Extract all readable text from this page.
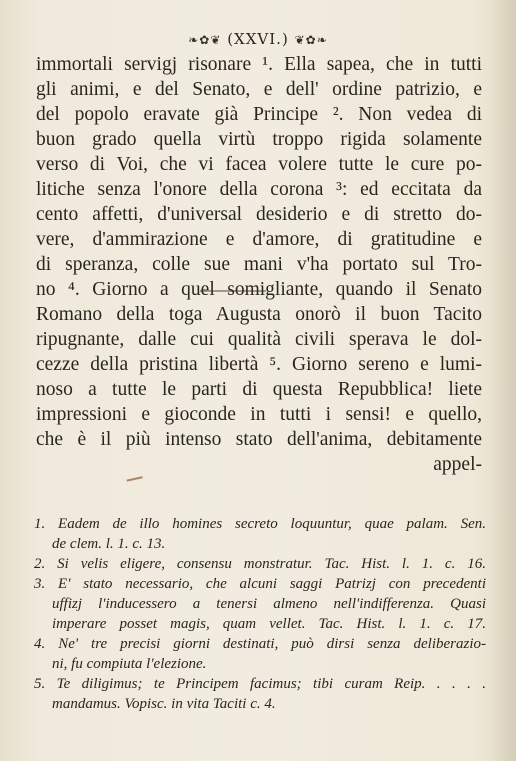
❧✿❦ (XXVI.) ❦✿❧
immortali servigj risonare ¹. Ella sapea, che in tutti
gli animi, e del Senato, e dell' ordine patrizio, e
del popolo eravate già Principe ². Non vedea di
buon grado quella virtù troppo rigida solamente
verso di Voi, che vi facea volere tutte le cure po-
litiche senza l'onore della corona ³: ed eccitata da
cento affetti, d'universal desiderio e di stretto do-
vere, d'ammirazione e d'amore, di gratitudine e
di speranza, colle sue mani v'ha portato sul Tro-
no ⁴. Giorno a quel somigliante, quando il Senato
Romano della toga Augusta onorò il buon Tacito
ripugnante, dalle cui qualità civili sperava le dol-
cezze della pristina libertà ⁵. Giorno sereno e lumi-
noso a tutte le parti di questa Repubblica! liete
impressioni e gioconde in tutti i sensi! e quello,
che è il più intenso stato dell'anima, debitamente
appel-
1. Eadem de illo homines secreto loquuntur, quae palam. Sen.
de clem. l. 1. c. 13.
2. Si velis eligere, consensu monstratur. Tac. Hist. l. 1. c. 16.
3. E' stato necessario, che alcuni saggi Patrizj con precedenti
uffizj l'inducessero a tenersi almeno nell'indifferenza. Quasi
imperare posset magis, quam vellet. Tac. Hist. l. 1. c. 17.
4. Ne' tre precisi giorni destinati, può dirsi senza deliberazio-
ni, fu compiuta l'elezione.
5. Te diligimus; te Principem facimus; tibi curam Reip. . . . .
mandamus. Vopisc. in vita Taciti c. 4.
